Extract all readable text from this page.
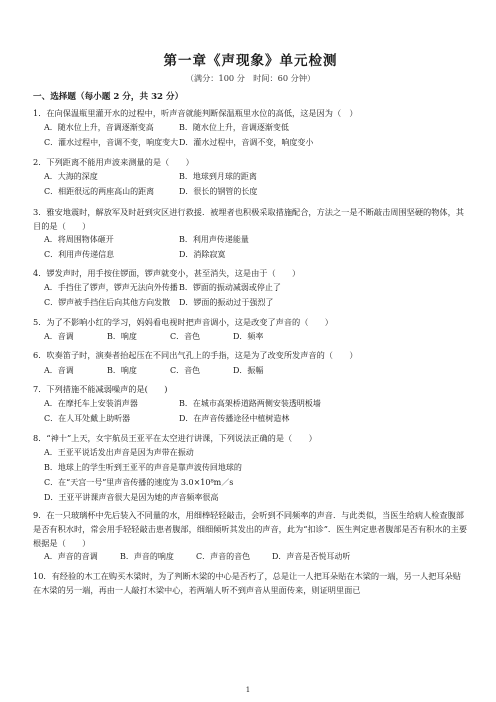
第一章《声现象》单元检测
（满分：100 分　时间：60 分钟）
一、选择题（每小题 2 分，共 32 分）
1．在向保温瓶里灌开水的过程中，听声音就能判断保温瓶里水位的高低，这是因为（　）
A．随水位上升，音调逐渐变高	B．随水位上升，音调逐渐变低
C．灌水过程中，音调不变，响度变大 D．灌水过程中，音调不变，响度变小
2．下列距离不能用声波来测量的是（　　）
A．大海的深度	B．地球到月球的距离
C．相距很远的两座高山的距离	D．很长的钢管的长度
3．雅安地震时，解放军及时赶到灾区进行救援．被埋者也积极采取措施配合，方法之一是不断敲击周围坚硬的物体，其目的是（　　）
A．将周围物体砸开	B．利用声传递能量
C．利用声传递信息	D．消除寂寞
4．锣发声时，用手按住锣面，锣声就变小，甚至消失，这是由于（　　）
A．手挡住了锣声，锣声无法向外传播 B．锣面的振动减弱或停止了
C．锣声被手挡住后向其他方向发散	D．锣面的振动过于强烈了
5．为了不影响小红的学习，妈妈看电视时把声音调小，这是改变了声音的（　　）
A．音调	B．响度	C．音色	D．频率
6．吹奏笛子时，演奏者抬起压在不同出气孔上的手指，这是为了改变所发声音的（　　）
A．音调	B．响度	C．音色	D．振幅
7．下列措施不能减弱噪声的是(　　)
A．在摩托车上安装消声器	B．在城市高架桥道路两侧安装透明板墙
C．在人耳处戴上助听器	D．在声音传播途径中植树造林
8．“神十”上天，女宇航员王亚平在太空进行讲课，下列说法正确的是（　　）
A．王亚平说话发出声音是因为声带在振动
B．地球上的学生听到王亚平的声音是靠声波传回地球的
C．在“天宫一号”里声音传播的速度为 3.0×10⁸m／s
D．王亚平讲课声音很大是因为她的声音频率很高
9．在一只玻璃杯中先后装入不同量的水，用细棒轻轻敲击，会听到不同频率的声音．与此类似，当医生给病人检查腹部是否有积水时，常会用手轻轻敲击患者腹部，细细倾听其发出的声音，此为“扣诊”．医生判定患者腹部是否有积水的主要根据是（　　）
A．声音的音调	B．声音的响度	C．声音的音色	D．声音是否悦耳动听
10．有经验的木工在购买木梁时，为了判断木梁的中心是否朽了，总是让一人把耳朵贴在木梁的一端，另一人把耳朵贴在木梁的另一端，再由一人敲打木梁中心，若两端人听不到声音从里面传来，则证明里面已
1
